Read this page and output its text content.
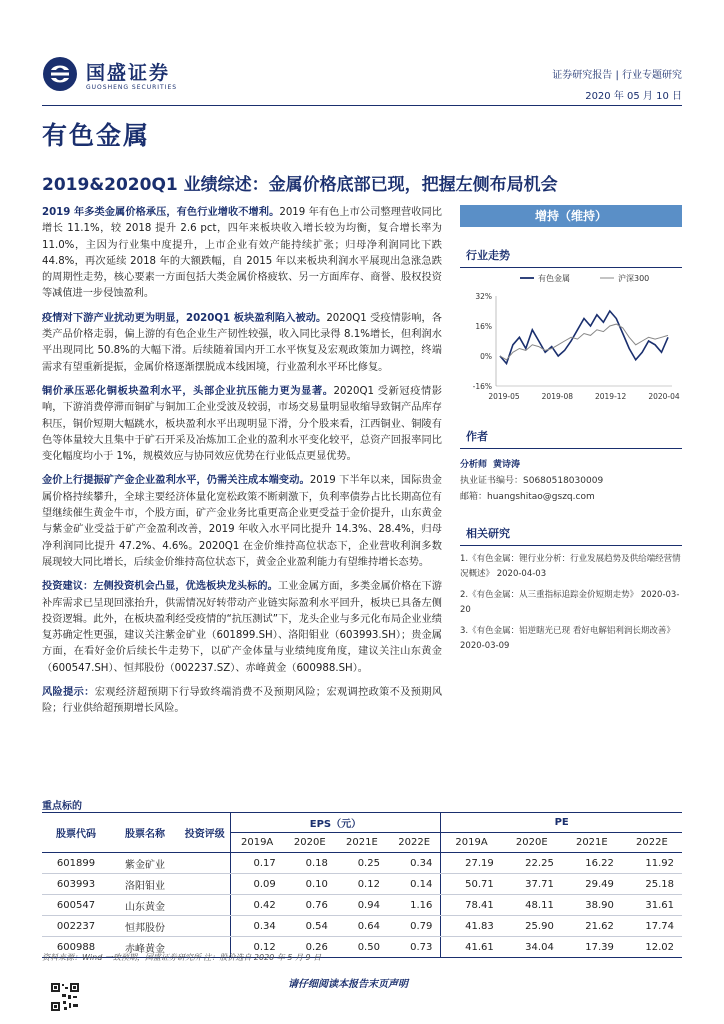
国盛证券
GUOSHENG SECURITIES
证券研究报告 | 行业专题研究
2020 年 05 月 10 日
有色金属
2019&2020Q1 业绩综述：金属价格底部已现，把握左侧布局机会

2019 年多类金属价格承压，有色行业增收不增利。2019 年有色上市公司整理营收同比增长 11.1%，较 2018 提升 2.6 pct，四年来板块收入增长较为均衡，复合增长率为 11.0%，主因为行业集中度提升，上市企业有效产能持续扩张；归母净利润同比下跌 44.8%，再次延续 2018 年的大额跌幅，自 2015 年以来板块利润水平展现出急涨急跌的周期性走势，核心要素一方面包括大类金属价格疲软、另一方面库存、商誉、股权投资等减值进一步侵蚀盈利。

疫情对下游产业扰动更为明显，2020Q1 板块盈利陷入被动。2020Q1 受疫情影响，各类产品价格走弱，偏上游的有色企业生产韧性较强，收入同比录得 8.1%增长，但利润水平出现同比 50.8%的大幅下滑。后续随着国内开工水平恢复及宏观政策加力调控，终端需求有望重新提振，金属价格逐渐摆脱成本线困境，行业盈利水平环比修复。

铜价承压恶化铜板块盈利水平，头部企业抗压能力更为显著。2020Q1 受新冠疫情影响，下游消费停滞而铜矿与铜加工企业受波及较弱，市场交易量明显收缩导致铜产品库存积压，铜价短期大幅跳水，板块盈利水平出现明显下滑，分个股来看，江西铜业、铜陵有色等体量较大且集中于矿石开采及冶炼加工企业的盈利水平变化较平，总资产回报率同比变化幅度均小于 1%，规模效应与协同效应优势在行业低点更显优势。

金价上行提振矿产金企业盈利水平，仍需关注成本端变动。2019 下半年以来，国际贵金属价格持续攀升，全球主要经济体量化宽松政策不断刺激下，负利率债券占比长期高位有望继续催生黄金牛市，个股方面，矿产金业务比重更高企业更受益于金价提升，山东黄金与紫金矿业受益于矿产金盈利改善，2019 年收入水平同比提升 14.3%、28.4%，归母净利润同比提升 47.2%、4.6%。2020Q1 在金价维持高位状态下，企业营收利润多数展现较大同比增长，后续金价维持高位状态下，黄金企业盈利能力有望维持增长态势。

投资建议：左侧投资机会凸显，优选板块龙头标的。工业金属方面，多类金属价格在下游补库需求已呈现回涨抬升，供需情况好转带动产业链实际盈利水平回升，板块已具备左侧投资逻辑。此外，在板块盈利经受疫情的“抗压测试”下，龙头企业与多元化布局企业业绩复苏确定性更强，建议关注紫金矿业（601899.SH）、洛阳钼业（603993.SH）；贵金属方面，在看好金价后续长牛走势下，以矿产金体量与业绩纯度角度，建议关注山东黄金（600547.SH）、恒邦股份（002237.SZ）、赤峰黄金（600988.SH）。

风险提示：宏观经济超预期下行导致终端消费不及预期风险；宏观调控政策不及预期风险；行业供给超预期增长风险。

增持（维持）
行业走势
32%
16%
0%
-16%
2019-05	2019-08	2019-12	2020-04
有色金属	沪深300
作者
分析师 黄诗涛
执业证书编号：S0680518030009
邮箱：huangshitao@gszq.com
相关研究
1.《有色金属：锂行业分析：行业发展趋势及供给端经营情况概述》 2020-04-03
2.《有色金属：从三重指标追踪金价短期走势》 2020-03-20
3.《有色金属：铝逆瞎光已现 看好电解铝利润长期改善》 2020-03-09
重点标的
股票代码	股票名称	投资评级	EPS（元）				PE			
			2019A	2020E	2021E	2022E	2019A	2020E	2021E	2022E
601899	紫金矿业		0.17	0.18	0.25	0.34	27.19	22.25	16.22	11.92
603993	洛阳钼业		0.09	0.10	0.12	0.14	50.71	37.71	29.49	25.18
600547	山东黄金		0.42	0.76	0.94	1.16	78.41	48.11	38.90	31.61
002237	恒邦股份		0.34	0.54	0.64	0.79	41.83	25.90	21.62	17.74
600988	赤峰黄金		0.12	0.26	0.50	0.73	41.61	34.04	17.39	12.02
资料来源：Wind 一致预期，国盛证券研究所 注：股价选自 2020 年 5 月 9 日
请仔细阅读本报告末页声明
